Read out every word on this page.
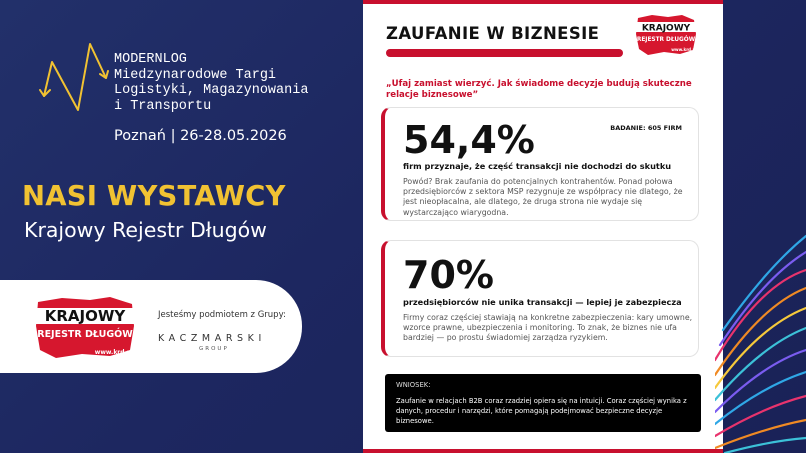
MODERNLOG
Miedzynarodowe Targi
Logistyki, Magazynowania
i Transportu
Poznań | 26-28.05.2026
NASI WYSTAWCY
Krajowy Rejestr Długów
KRAJOWY
REJESTR DŁUGÓW
www.krd.pl
Jesteśmy podmiotem z Grupy:
KACZMARSKI
GROUP
ZAUFANIE W BIZNESIE	KRAJOWY
REJESTR DŁUGÓW
www.krd.pl
„Ufaj zamiast wierzyć. Jak świadome decyzje budują skuteczne relacje biznesowe”
BADANIE: 605 FIRM
54,4%
firm przyznaje, że część transakcji nie dochodzi do skutku
Powód? Brak zaufania do potencjalnych kontrahentów. Ponad połowa przedsiębiorców z sektora MSP rezygnuje ze współpracy nie dlatego, że jest nieopłacalna, ale dlatego, że druga strona nie wydaje się wystarczająco wiarygodna.
70%
przedsiębiorców nie unika transakcji — lepiej je zabezpiecza
Firmy coraz częściej stawiają na konkretne zabezpieczenia: kary umowne, wzorce prawne, ubezpieczenia i monitoring. To znak, że biznes nie ufa bardziej — po prostu świadomiej zarządza ryzykiem.
WNIOSEK:
Zaufanie w relacjach B2B coraz rzadziej opiera się na intuicji. Coraz częściej wynika z danych, procedur i narzędzi, które pomagają podejmować bezpieczne decyzje biznesowe.
